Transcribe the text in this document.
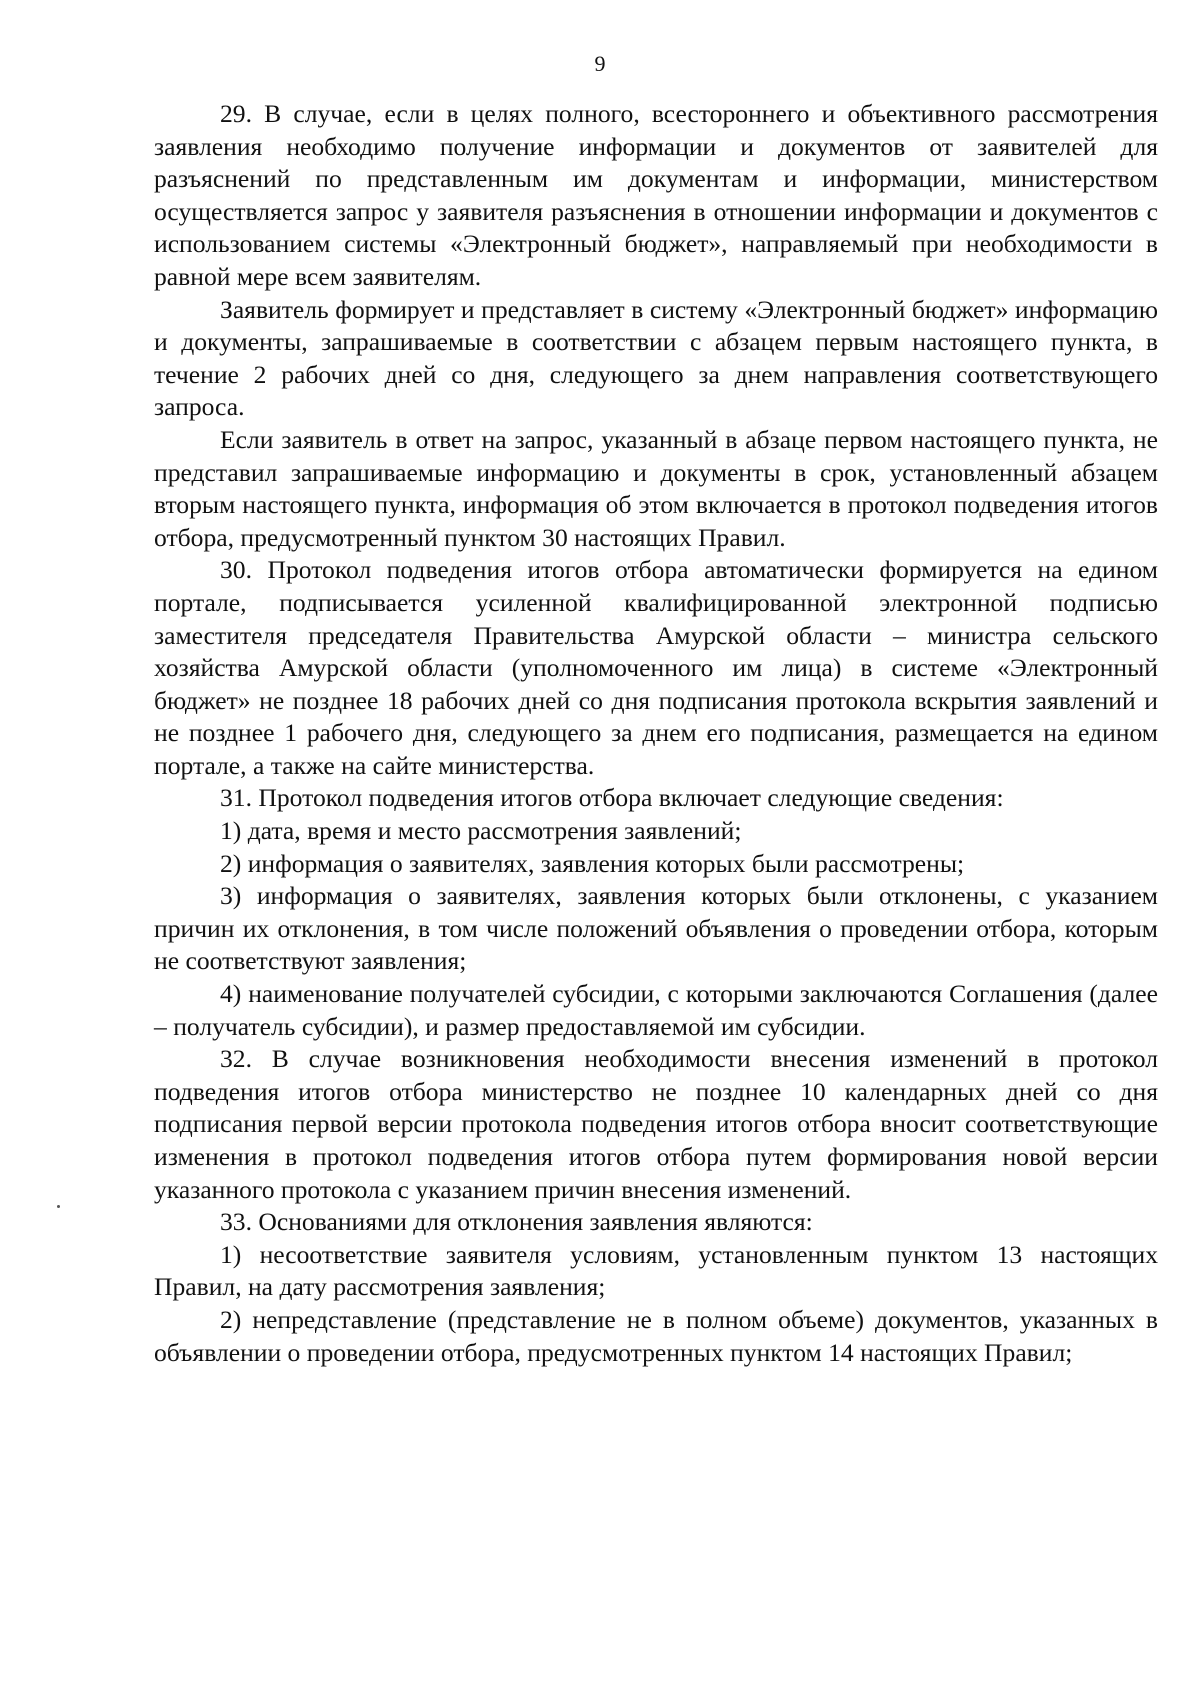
9

29. В случае, если в целях полного, всестороннего и объективного рассмотрения заявления необходимо получение информации и документов от заявителей для разъяснений по представленным им документам и информации, министерством осуществляется запрос у заявителя разъяснения в отношении информации и документов с использованием системы «Электронный бюджет», направляемый при необходимости в равной мере всем заявителям.

Заявитель формирует и представляет в систему «Электронный бюджет» информацию и документы, запрашиваемые в соответствии с абзацем первым настоящего пункта, в течение 2 рабочих дней со дня, следующего за днем направления соответствующего запроса.

Если заявитель в ответ на запрос, указанный в абзаце первом настоящего пункта, не представил запрашиваемые информацию и документы в срок, установленный абзацем вторым настоящего пункта, информация об этом включается в протокол подведения итогов отбора, предусмотренный пунктом 30 настоящих Правил.

30. Протокол подведения итогов отбора автоматически формируется на едином портале, подписывается усиленной квалифицированной электронной подписью заместителя председателя Правительства Амурской области – министра сельского хозяйства Амурской области (уполномоченного им лица) в системе «Электронный бюджет» не позднее 18 рабочих дней со дня подписания протокола вскрытия заявлений и не позднее 1 рабочего дня, следующего за днем его подписания, размещается на едином портале, а также на сайте министерства.

31. Протокол подведения итогов отбора включает следующие сведения:

1) дата, время и место рассмотрения заявлений;

2) информация о заявителях, заявления которых были рассмотрены;

3) информация о заявителях, заявления которых были отклонены, с указанием причин их отклонения, в том числе положений объявления о проведении отбора, которым не соответствуют заявления;

4) наименование получателей субсидии, с которыми заключаются Соглашения (далее – получатель субсидии), и размер предоставляемой им субсидии.

32. В случае возникновения необходимости внесения изменений в протокол подведения итогов отбора министерство не позднее 10 календарных дней со дня подписания первой версии протокола подведения итогов отбора вносит соответствующие изменения в протокол подведения итогов отбора путем формирования новой версии указанного протокола с указанием причин внесения изменений.

33. Основаниями для отклонения заявления являются:

1) несоответствие заявителя условиям, установленным пунктом 13 настоящих Правил, на дату рассмотрения заявления;

2) непредставление (представление не в полном объеме) документов, указанных в объявлении о проведении отбора, предусмотренных пунктом 14 настоящих Правил;
